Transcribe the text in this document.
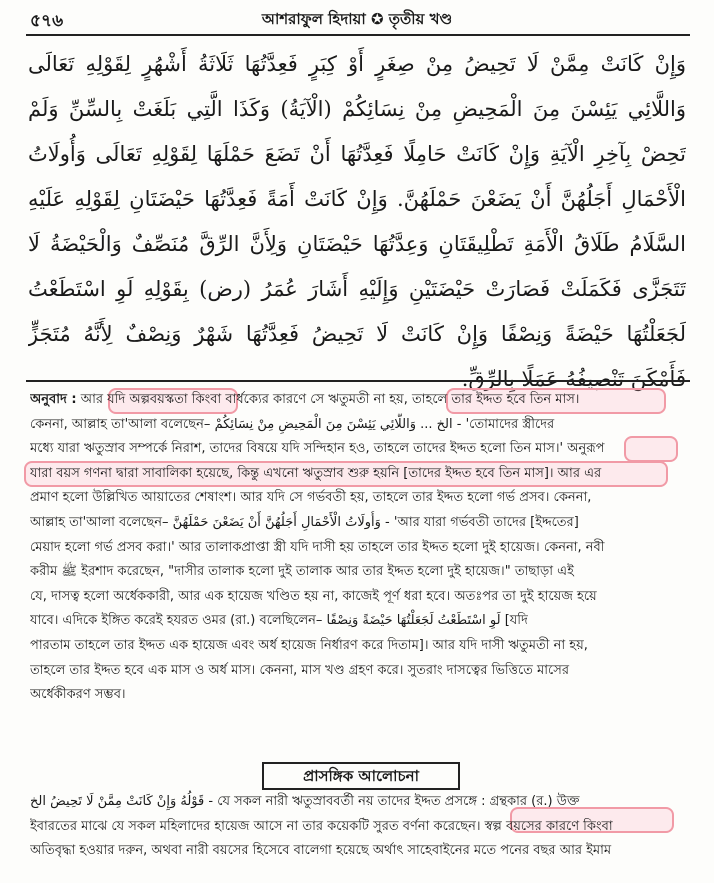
৫৭৬	আশরাফুল হিদায়া ✪ তৃতীয় খণ্ড
وَإِنْ كَانَتْ مِمَّنْ لَا تَحِيضُ مِنْ صِغَرٍ أَوْ كِبَرٍ فَعِدَّتُهَا ثَلَاثَةُ أَشْهُرٍ لِقَوْلِهِ تَعَالَى
وَاللَّائِي يَئِسْنَ مِنَ الْمَحِيضِ مِنْ نِسَائِكُمْ (الْآيَةُ) وَكَذَا الَّتِي بَلَغَتْ بِالسِّنِّ وَلَمْ
تَحِضْ بِآخِرِ الْآيَةِ وَإِنْ كَانَتْ حَامِلًا فَعِدَّتُهَا أَنْ تَضَعَ حَمْلَهَا لِقَوْلِهِ تَعَالَى وَأُولَاتُ
الْأَحْمَالِ أَجَلُهُنَّ أَنْ يَضَعْنَ حَمْلَهُنَّ. وَإِنْ كَانَتْ أَمَةً فَعِدَّتُهَا حَيْضَتَانِ لِقَوْلِهِ عَلَيْهِ
السَّلَامُ طَلَاقُ الْأَمَةِ تَطْلِيقَتَانِ وَعِدَّتُهَا حَيْضَتَانِ وَلِأَنَّ الرِّقَّ مُنَصِّفٌ وَالْحَيْضَةُ لَا
تَتَجَزَّى فَكَمَلَتْ فَصَارَتْ حَيْضَتَيْنِ وَإِلَيْهِ أَشَارَ عُمَرُ (رض) بِقَوْلِهِ لَوِ اسْتَطَعْتُ
لَجَعَلْتُهَا حَيْضَةً وَنِصْفًا وَإِنْ كَانَتْ لَا تَحِيضُ فَعِدَّتُهَا شَهْرٌ وَنِصْفٌ لِأَنَّهُ مُتَجَزٍّ
فَأَمْكَنَ تَنْصِيفُهُ عَمَلًا بِالرِّقِّ.
অনুবাদ : আর যদি অল্পবয়স্কতা কিংবা বার্ধক্যের কারণে সে ঋতুমতী না হয়, তাহলে তার ইদ্দত হবে তিন মাস।
কেননা, আল্লাহ তা'আলা বলেছেন– الخ ... وَاللَّائِي يَئِسْنَ مِنَ الْمَحِيضِ مِنْ نِسَائِكُمْ - 'তোমাদের স্ত্রীদের
মধ্যে যারা ঋতুস্রাব সম্পর্কে নিরাশ, তাদের বিষয়ে যদি সন্দিহান হও, তাহলে তাদের ইদ্দত হলো তিন মাস।' অনুরূপ
যারা বয়স গণনা দ্বারা সাবালিকা হয়েছে, কিন্তু এখনো ঋতুস্রাব শুরু হয়নি [তাদের ইদ্দত হবে তিন মাস]। আর এর
প্রমাণ হলো উল্লিখিত আয়াতের শেষাংশ। আর যদি সে গর্ভবতী হয়, তাহলে তার ইদ্দত হলো গর্ভ প্রসব। কেননা,
আল্লাহ তা'আলা বলেছেন– وَأُولَاتُ الْأَحْمَالِ أَجَلُهُنَّ أَنْ يَضَعْنَ حَمْلَهُنَّ - 'আর যারা গর্ভবতী তাদের [ইদ্দতের]
মেয়াদ হলো গর্ভ প্রসব করা।' আর তালাকপ্রাপ্তা স্ত্রী যদি দাসী হয় তাহলে তার ইদ্দত হলো দুই হায়েজ। কেননা, নবী
করীম ﷺ ইরশাদ করেছেন, "দাসীর তালাক হলো দুই তালাক আর তার ইদ্দত হলো দুই হায়েজ।" তাছাড়া এই
যে, দাসত্ব হলো অর্ধেককারী, আর এক হায়েজ খণ্ডিত হয় না, কাজেই পূর্ণ ধরা হবে। অতঃপর তা দুই হায়েজ হয়ে
যাবে। এদিকে ইঙ্গিত করেই হযরত ওমর (রা.) বলেছিলেন– لَوِ اسْتَطَعْتُ لَجَعَلْتُهَا حَيْضَةً وَنِصْفًا [যদি
পারতাম তাহলে তার ইদ্দত এক হায়েজ এবং অর্ধ হায়েজ নির্ধারণ করে দিতাম]। আর যদি দাসী ঋতুমতী না হয়,
তাহলে তার ইদ্দত হবে এক মাস ও অর্ধ মাস। কেননা, মাস খণ্ড গ্রহণ করে। সুতরাং দাসত্বের ভিত্তিতে মাসের
অর্ধেকীকরণ সম্ভব।
প্রাসঙ্গিক আলোচনা
قَوْلُهُ وَإِنْ كَانَتْ مِمَّنْ لَا تَحِيضُ الخ - যে সকল নারী ঋতুস্রাববর্তী নয় তাদের ইদ্দত প্রসঙ্গে : গ্রন্থকার (র.) উক্ত
ইবারতের মাঝে যে সকল মহিলাদের হায়েজ আসে না তার কয়েকটি সুরত বর্ণনা করেছেন। স্বল্প বয়সের কারণে কিংবা
অতিবৃদ্ধা হওয়ার দরুন, অথবা নারী বয়সের হিসেবে বালেগা হয়েছে অর্থাৎ সাহেবাইনের মতে পনের বছর আর ইমাম
